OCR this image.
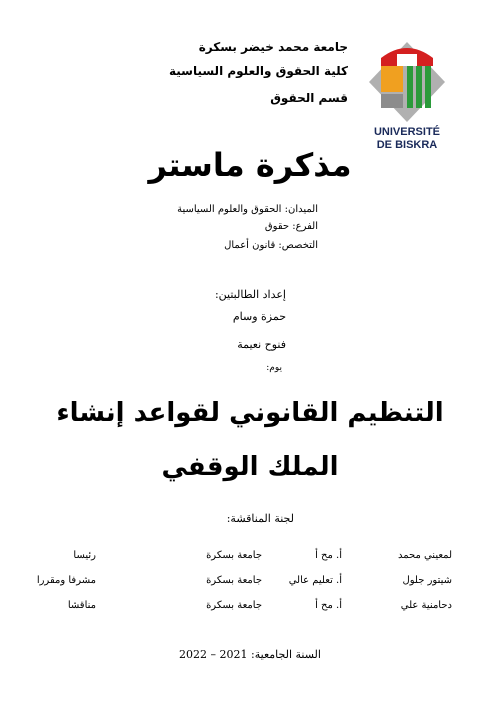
جامعة محمد خيضر بسكرة
كلية الحقوق والعلوم السياسية
قسم الحقوق
UNIVERSITÉ
DE BISKRA
مذكرة ماستر
الميدان: الحقوق والعلوم السياسية
الفرع: حقوق
التخصص: قانون أعمال
إعداد الطالبتين:
حمزة وسام
فنوح نعيمة
يوم:
التنظيم القانوني لقواعد إنشاء
الملك الوقفي
لجنة المناقشة:
لمعيني محمد
أ. مح أ
جامعة بسكرة
رئيسا
شيتور جلول
أ. تعليم عالي
جامعة بسكرة
مشرفا ومقررا
دحامنية علي
أ. مح أ
جامعة بسكرة
مناقشا
السنة الجامعية: 2021 – 2022
